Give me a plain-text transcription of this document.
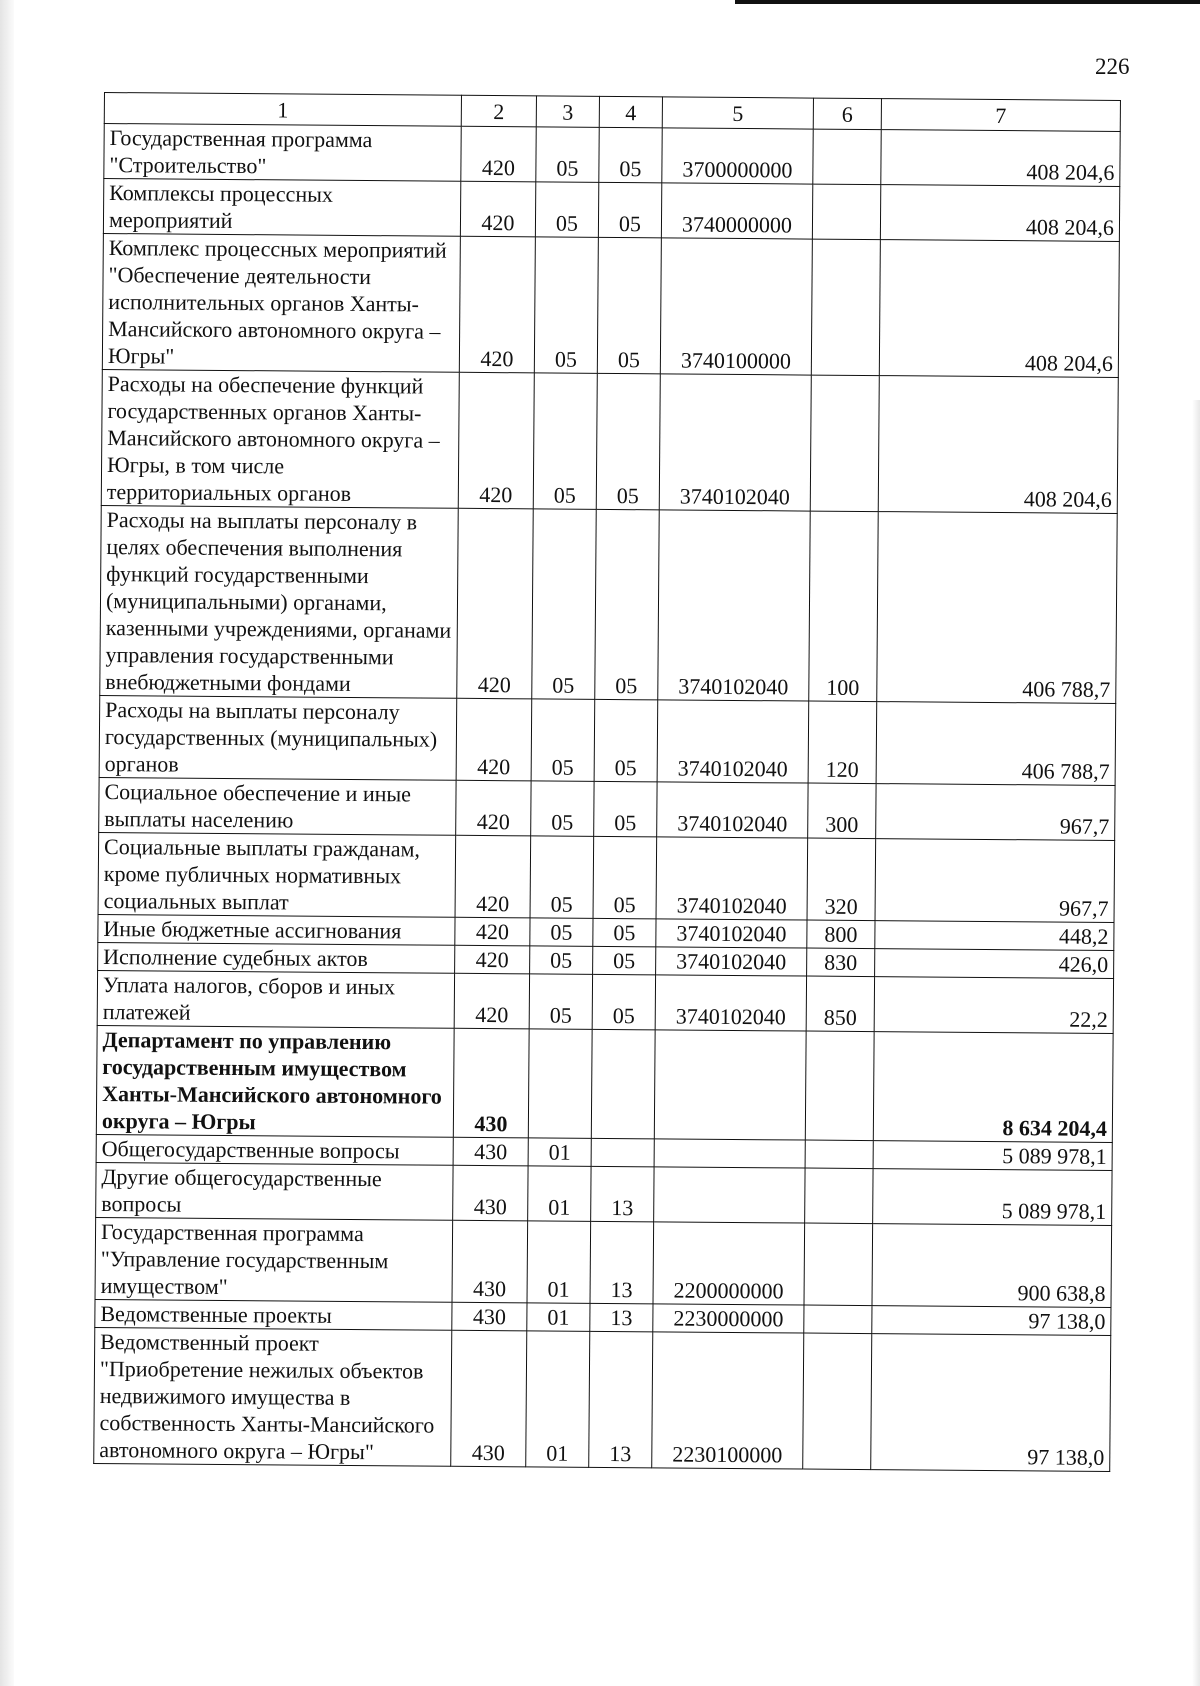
226
1	2	3	4	5	6	7
Государственная программа "Строительство"	420	05	05	3700000000		408 204,6
Комплексы процессных мероприятий	420	05	05	3740000000		408 204,6
Комплекс процессных мероприятий "Обеспечение деятельности исполнительных органов Ханты-Мансийского автономного округа – Югры"	420	05	05	3740100000		408 204,6
Расходы на обеспечение функций государственных органов Ханты-Мансийского автономного округа – Югры, в том числе территориальных органов	420	05	05	3740102040		408 204,6
Расходы на выплаты персоналу в целях обеспечения выполнения функций государственными (муниципальными) органами, казенными учреждениями, органами управления государственными внебюджетными фондами	420	05	05	3740102040	100	406 788,7
Расходы на выплаты персоналу государственных (муниципальных) органов	420	05	05	3740102040	120	406 788,7
Социальное обеспечение и иные выплаты населению	420	05	05	3740102040	300	967,7
Социальные выплаты гражданам, кроме публичных нормативных социальных выплат	420	05	05	3740102040	320	967,7
Иные бюджетные ассигнования	420	05	05	3740102040	800	448,2
Исполнение судебных актов	420	05	05	3740102040	830	426,0
Уплата налогов, сборов и иных платежей	420	05	05	3740102040	850	22,2
Департамент по управлению государственным имуществом Ханты-Мансийского автономного округа – Югры	430					8 634 204,4
Общегосударственные вопросы	430	01				5 089 978,1
Другие общегосударственные вопросы	430	01	13			5 089 978,1
Государственная программа "Управление государственным имуществом"	430	01	13	2200000000		900 638,8
Ведомственные проекты	430	01	13	2230000000		97 138,0
Ведомственный проект "Приобретение нежилых объектов недвижимого имущества в собственность Ханты-Мансийского автономного округа – Югры"	430	01	13	2230100000		97 138,0
